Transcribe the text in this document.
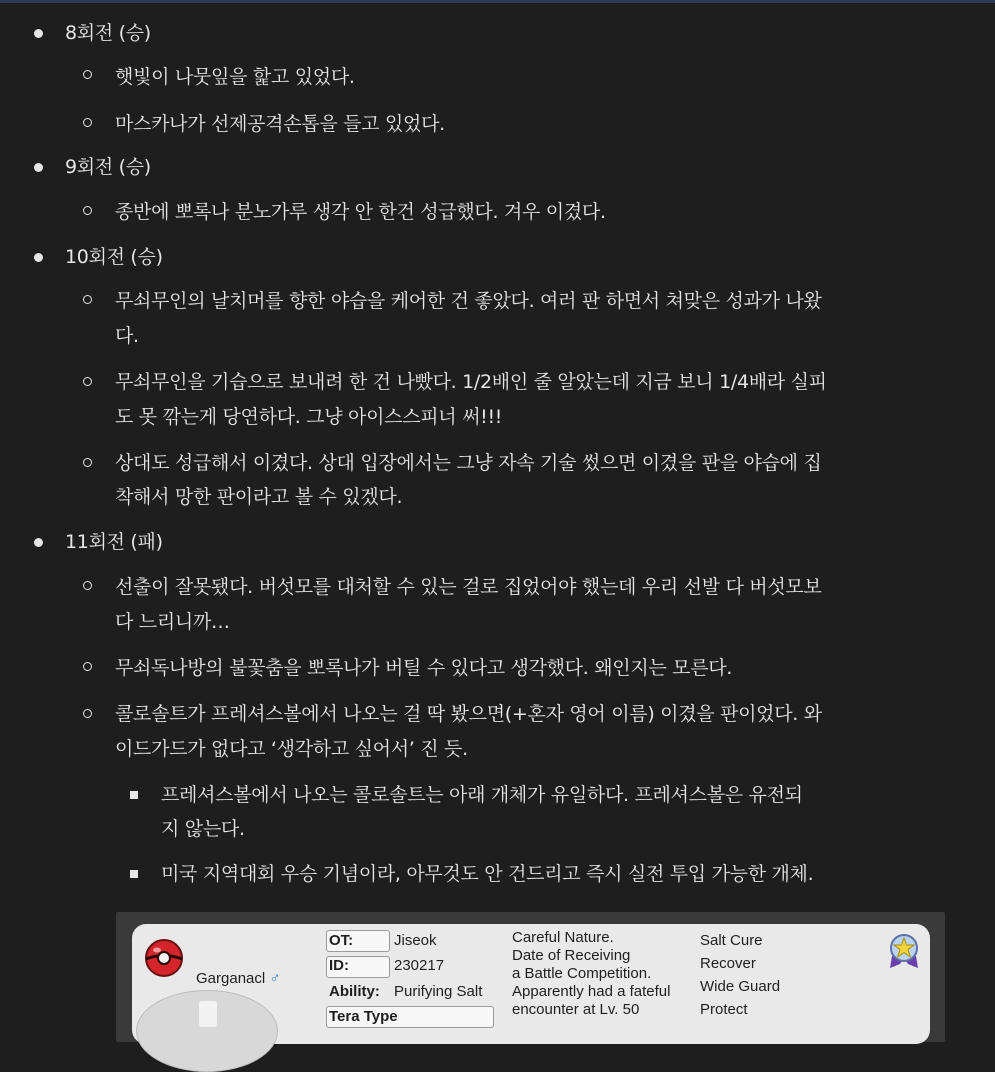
8회전 (승)
햇빛이 나뭇잎을 핥고 있었다.
마스카나가 선제공격손톱을 들고 있었다.
9회전 (승)
종반에 뽀록나 분노가루 생각 안 한건 성급했다. 겨우 이겼다.
10회전 (승)
무쇠무인의 날치머를 향한 야습을 케어한 건 좋았다. 여러 판 하면서 쳐맞은 성과가 나왔
다.
무쇠무인을 기습으로 보내려 한 건 나빴다. 1/2배인 줄 알았는데 지금 보니 1/4배라 실피
도 못 깎는게 당연하다. 그냥 아이스스피너 써!!!
상대도 성급해서 이겼다. 상대 입장에서는 그냥 자속 기술 썼으면 이겼을 판을 야습에 집
착해서 망한 판이라고 볼 수 있겠다.
11회전 (패)
선출이 잘못됐다. 버섯모를 대처할 수 있는 걸로 집었어야 했는데 우리 선발 다 버섯모보
다 느리니까…
무쇠독나방의 불꽃춤을 뽀록나가 버틸 수 있다고 생각했다. 왜인지는 모른다.
콜로솔트가 프레셔스볼에서 나오는 걸 딱 봤으면(+혼자 영어 이름) 이겼을 판이었다. 와
이드가드가 없다고 ‘생각하고 싶어서’ 진 듯.
프레셔스볼에서 나오는 콜로솔트는 아래 개체가 유일하다. 프레셔스볼은 유전되
지 않는다.
미국 지역대회 우승 기념이라, 아무것도 안 건드리고 즉시 실전 투입 가능한 개체.
Garganacl ♂
OT:	Jiseok
ID:	230217
Ability: Purifying Salt
Tera Type
Careful Nature.
Date of Receiving
a Battle Competition.
Apparently had a fateful
encounter at Lv. 50
Salt Cure
Recover
Wide Guard
Protect
